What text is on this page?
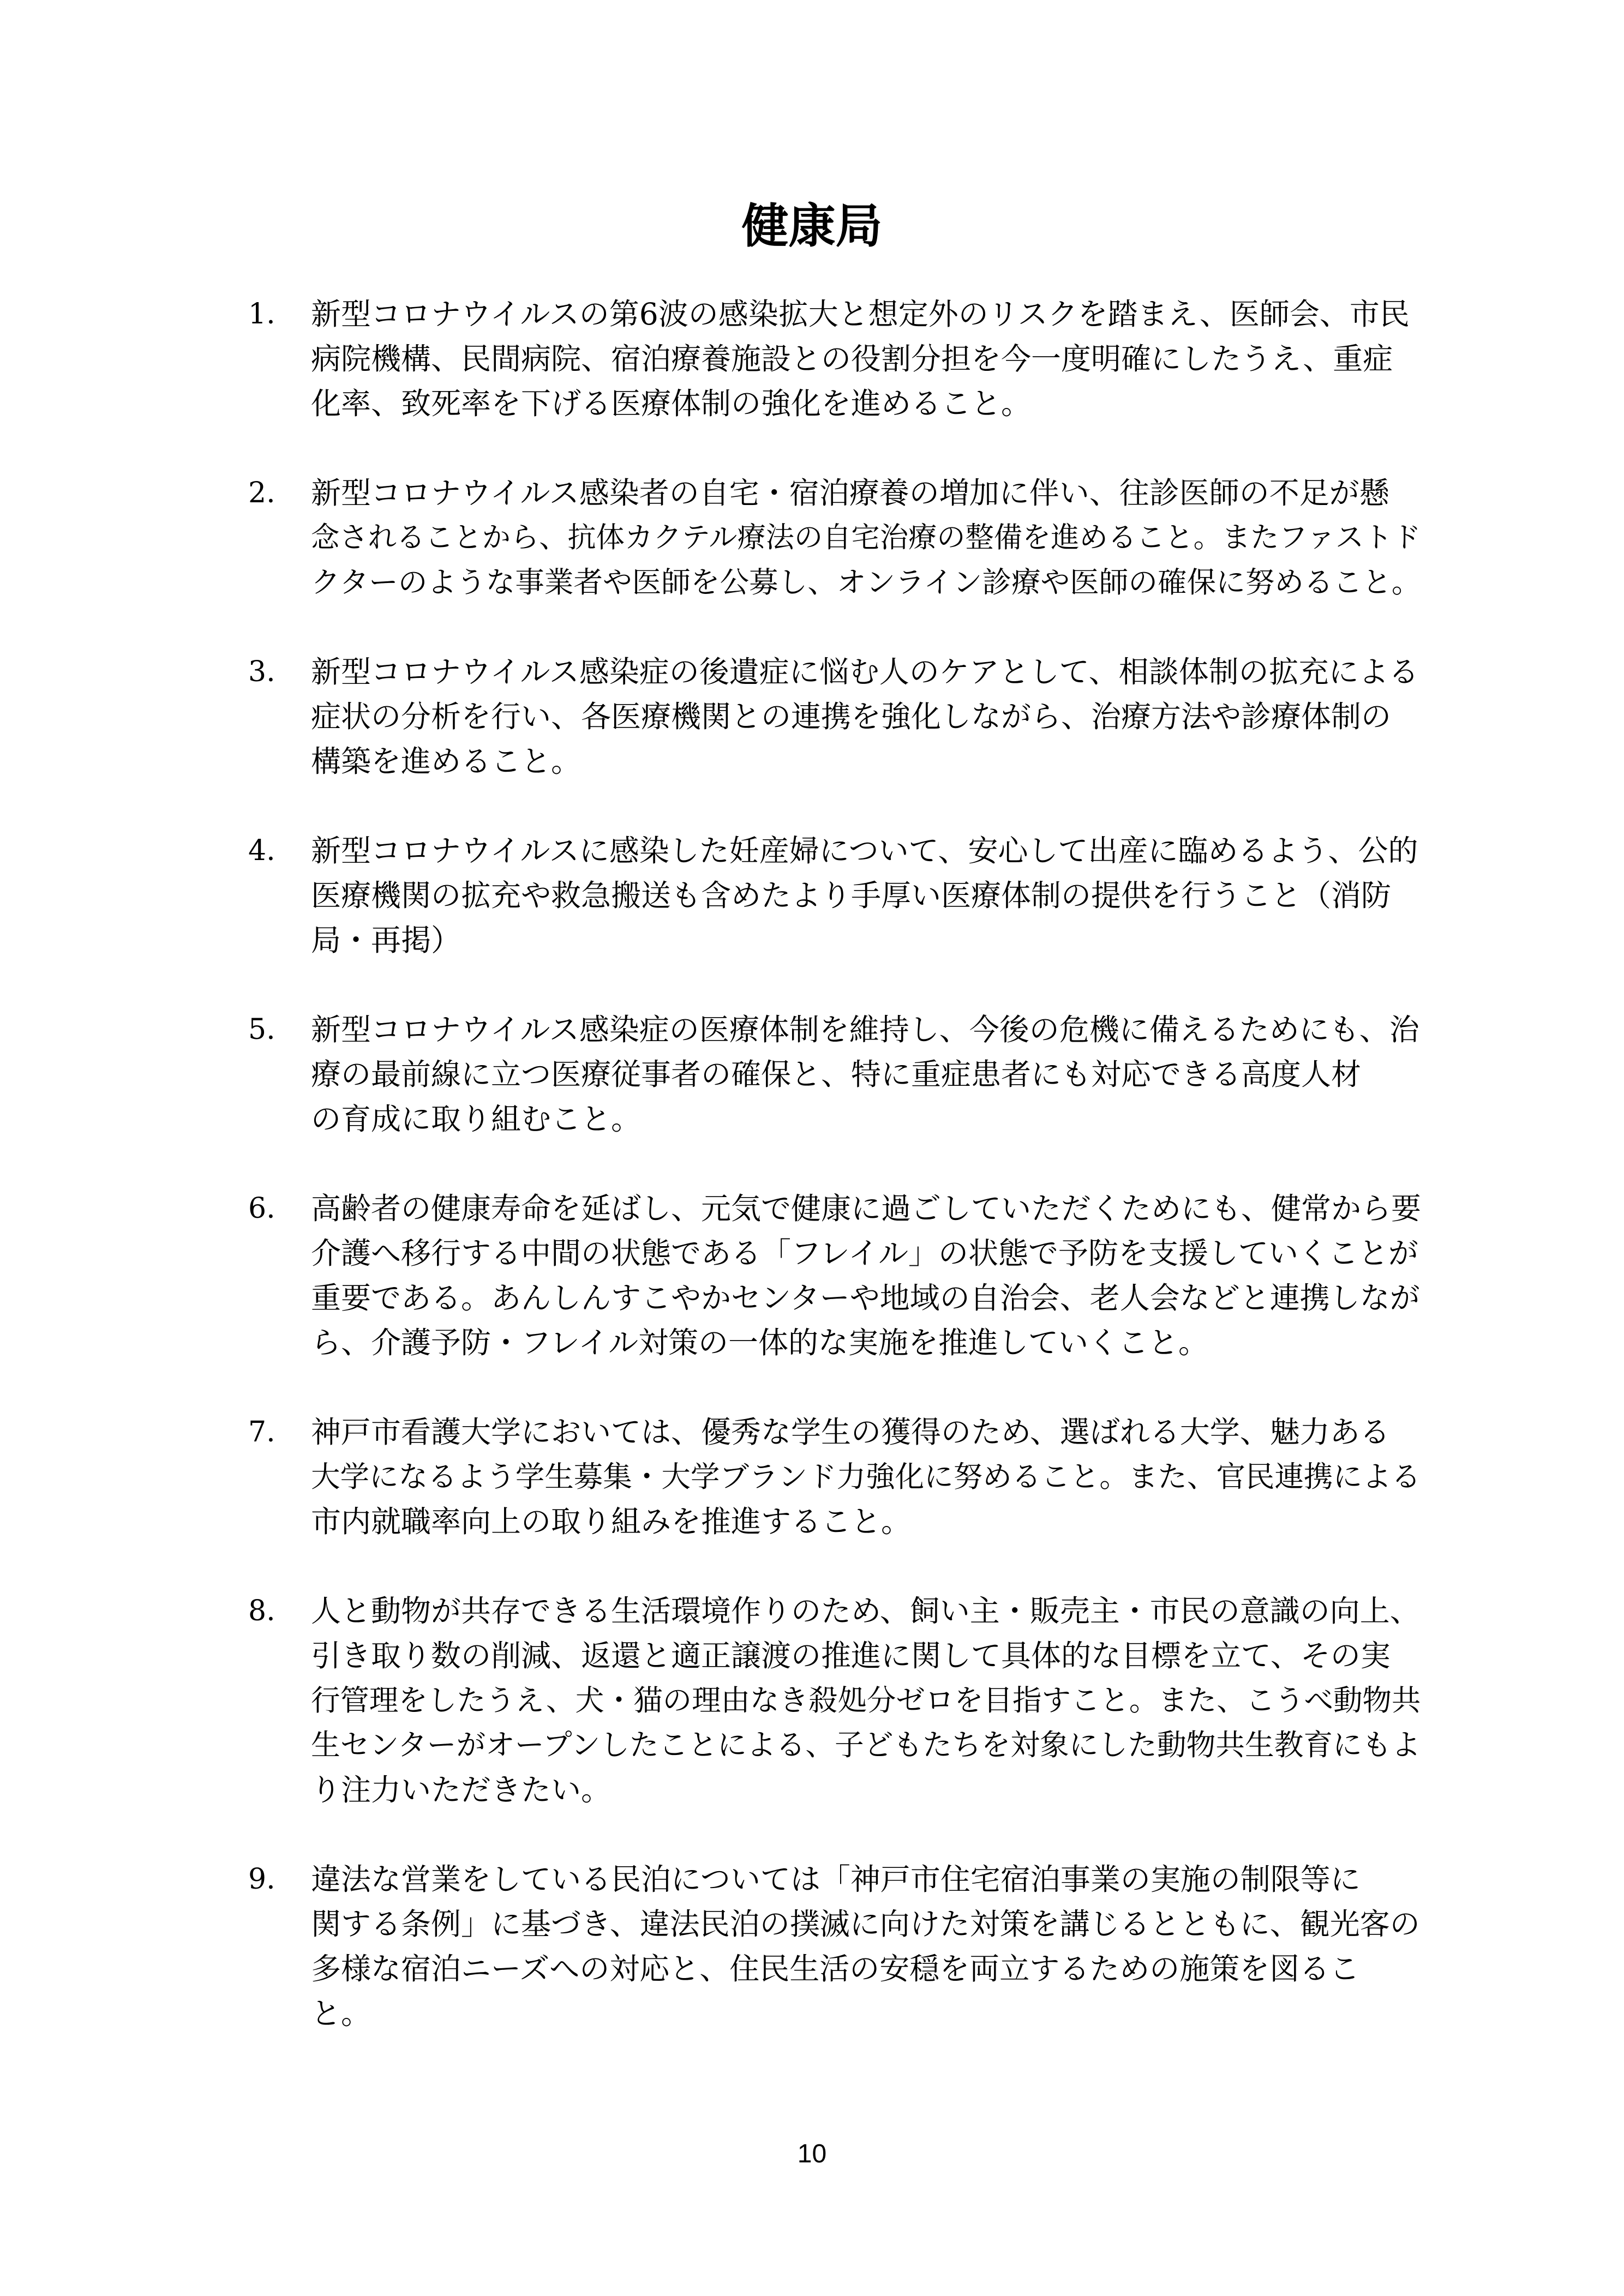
健康局
1. 新型コロナウイルスの第6波の感染拡大と想定外のリスクを踏まえ、医師会、市民
病院機構、民間病院、宿泊療養施設との役割分担を今一度明確にしたうえ、重症
化率、致死率を下げる医療体制の強化を進めること。
2. 新型コロナウイルス感染者の自宅・宿泊療養の増加に伴い、往診医師の不足が懸
念されることから、抗体カクテル療法の自宅治療の整備を進めること。またファストド
クターのような事業者や医師を公募し、オンライン診療や医師の確保に努めること。
3. 新型コロナウイルス感染症の後遺症に悩む人のケアとして、相談体制の拡充による
症状の分析を行い、各医療機関との連携を強化しながら、治療方法や診療体制の
構築を進めること。
4. 新型コロナウイルスに感染した妊産婦について、安心して出産に臨めるよう、公的
医療機関の拡充や救急搬送も含めたより手厚い医療体制の提供を行うこと（消防
局・再掲）
5. 新型コロナウイルス感染症の医療体制を維持し、今後の危機に備えるためにも、治
療の最前線に立つ医療従事者の確保と、特に重症患者にも対応できる高度人材
の育成に取り組むこと。
6. 高齢者の健康寿命を延ばし、元気で健康に過ごしていただくためにも、健常から要
介護へ移行する中間の状態である「フレイル」の状態で予防を支援していくことが
重要である。あんしんすこやかセンターや地域の自治会、老人会などと連携しなが
ら、介護予防・フレイル対策の一体的な実施を推進していくこと。
7. 神戸市看護大学においては、優秀な学生の獲得のため、選ばれる大学、魅力ある
大学になるよう学生募集・大学ブランド力強化に努めること。また、官民連携による
市内就職率向上の取り組みを推進すること。
8. 人と動物が共存できる生活環境作りのため、飼い主・販売主・市民の意識の向上、
引き取り数の削減、返還と適正譲渡の推進に関して具体的な目標を立て、その実
行管理をしたうえ、犬・猫の理由なき殺処分ゼロを目指すこと。また、こうべ動物共
生センターがオープンしたことによる、子どもたちを対象にした動物共生教育にもよ
り注力いただきたい。
9. 違法な営業をしている民泊については「神戸市住宅宿泊事業の実施の制限等に
関する条例」に基づき、違法民泊の撲滅に向けた対策を講じるとともに、観光客の
多様な宿泊ニーズへの対応と、住民生活の安穏を両立するための施策を図るこ
と。
10
